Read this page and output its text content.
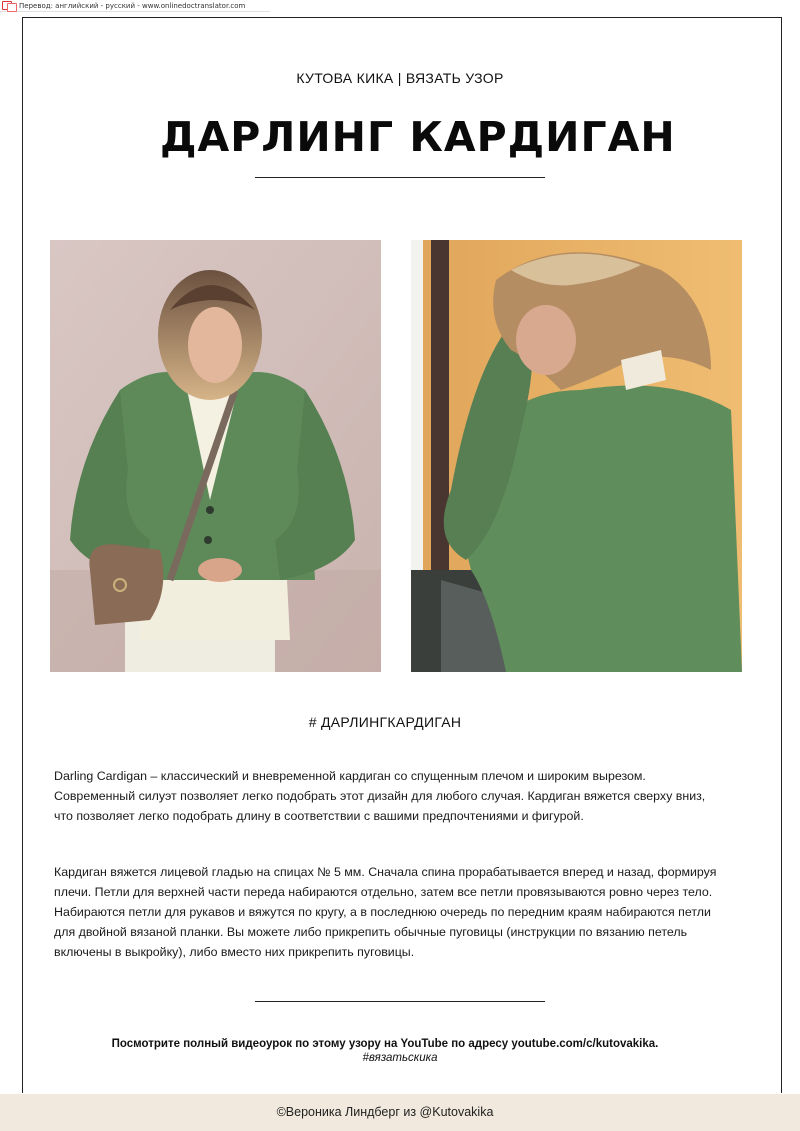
Перевод: английский - русский - www.onlinedoctranslator.com
КУТОВА КИКА | ВЯЗАТЬ УЗОР
ДАРЛИНГ КАРДИГАН
# ДАРЛИНГКАРДИГАН
Darling Cardigan – классический и вневременной кардиган со спущенным плечом и широким вырезом.
Современный силуэт позволяет легко подобрать этот дизайн для любого случая. Кардиган вяжется сверху вниз,
что позволяет легко подобрать длину в соответствии с вашими предпочтениями и фигурой.
Кардиган вяжется лицевой гладью на спицах № 5 мм. Сначала спина прорабатывается вперед и назад, формируя
плечи. Петли для верхней части переда набираются отдельно, затем все петли провязываются ровно через тело.
Набираются петли для рукавов и вяжутся по кругу, а в последнюю очередь по передним краям набираются петли
для двойной вязаной планки. Вы можете либо прикрепить обычные пуговицы (инструкции по вязанию петель
включены в выкройку), либо вместо них прикрепить пуговицы.
Посмотрите полный видеоурок по этому узору на YouTube по адресу youtube.com/c/kutovakika.
#вязатьскика
©Вероника Линдберг из @Kutovakika
